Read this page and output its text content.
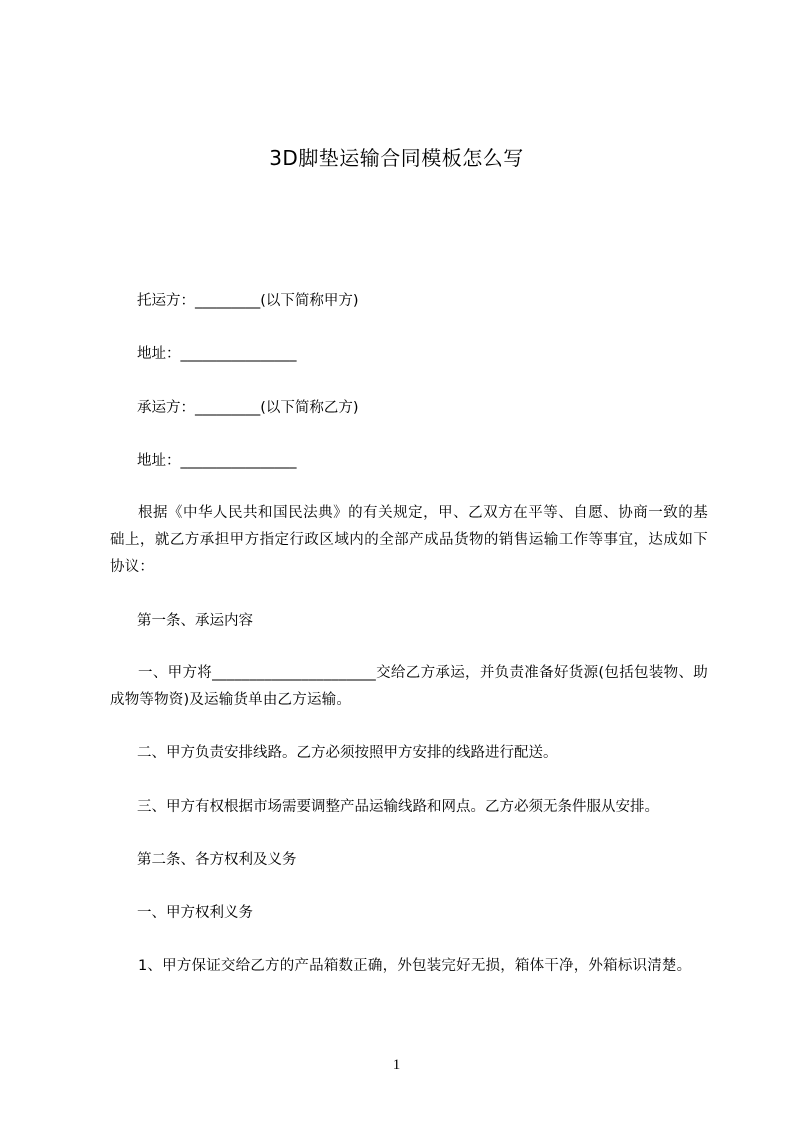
3D脚垫运输合同模板怎么写
托运方：_________(以下简称甲方)
地址：________________
承运方：_________(以下简称乙方)
地址：________________
根据《中华人民共和国民法典》的有关规定，甲、乙双方在平等、自愿、协商一致的基础上，就乙方承担甲方指定行政区域内的全部产成品货物的销售运输工作等事宜，达成如下协议：
第一条、承运内容
一、甲方将______________________交给乙方承运，并负责准备好货源(包括包装物、助成物等物资)及运输货单由乙方运输。
二、甲方负责安排线路。乙方必须按照甲方安排的线路进行配送。
三、甲方有权根据市场需要调整产品运输线路和网点。乙方必须无条件服从安排。
第二条、各方权利及义务
一、甲方权利义务
1、甲方保证交给乙方的产品箱数正确，外包装完好无损，箱体干净，外箱标识清楚。
1
